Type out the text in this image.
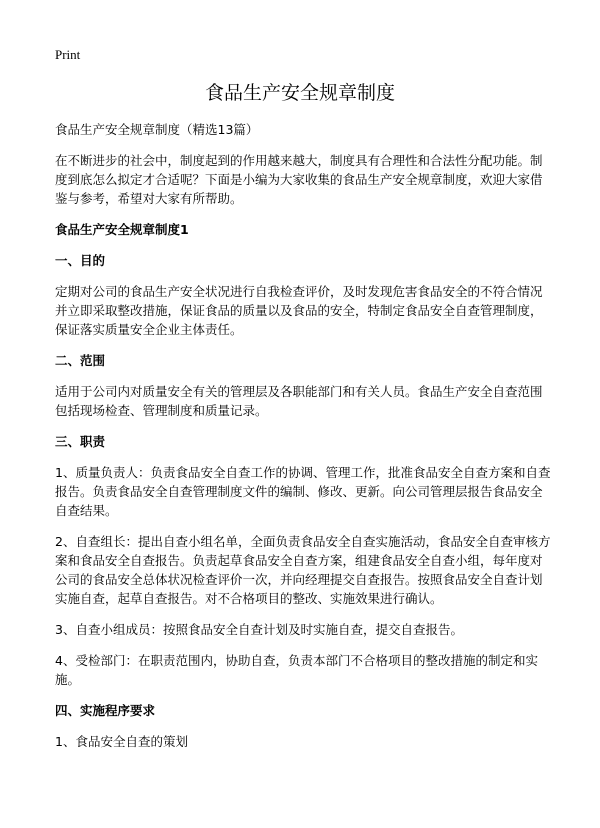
Print
食品生产安全规章制度

食品生产安全规章制度（精选13篇）

在不断进步的社会中，制度起到的作用越来越大，制度具有合理性和合法性分配功能。制度到底怎么拟定才合适呢？下面是小编为大家收集的食品生产安全规章制度，欢迎大家借鉴与参考，希望对大家有所帮助。

食品生产安全规章制度1

一、目的

定期对公司的食品生产安全状况进行自我检查评价，及时发现危害食品安全的不符合情况并立即采取整改措施，保证食品的质量以及食品的安全，特制定食品安全自查管理制度，保证落实质量安全企业主体责任。

二、范围

适用于公司内对质量安全有关的管理层及各职能部门和有关人员。食品生产安全自查范围包括现场检查、管理制度和质量记录。

三、职责

1、质量负责人：负责食品安全自查工作的协调、管理工作，批准食品安全自查方案和自查报告。负责食品安全自查管理制度文件的编制、修改、更新。向公司管理层报告食品安全自查结果。

2、自查组长：提出自查小组名单，全面负责食品安全自查实施活动，食品安全自查审核方案和食品安全自查报告。负责起草食品安全自查方案，组建食品安全自查小组，每年度对公司的食品安全总体状况检查评价一次，并向经理提交自查报告。按照食品安全自查计划实施自查，起草自查报告。对不合格项目的整改、实施效果进行确认。

3、自查小组成员：按照食品安全自查计划及时实施自查，提交自查报告。

4、受检部门：在职责范围内，协助自查，负责本部门不合格项目的整改措施的制定和实施。

四、实施程序要求

1、食品安全自查的策划
